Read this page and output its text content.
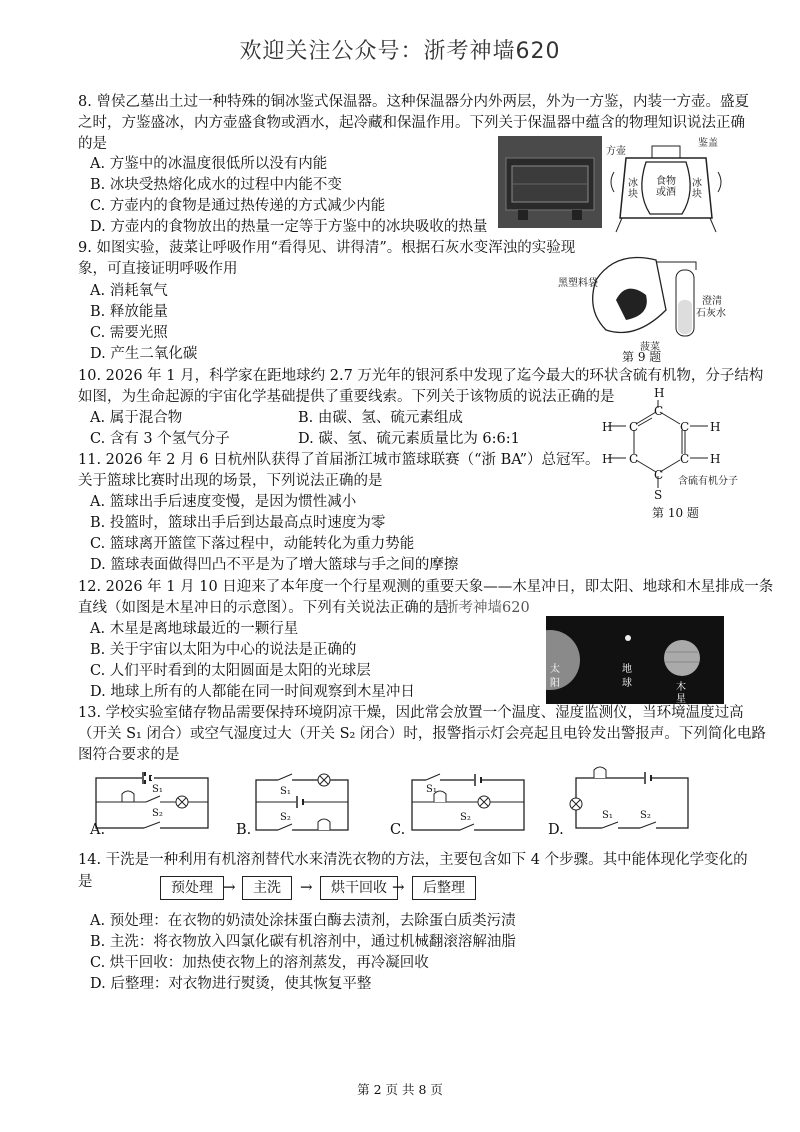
欢迎关注公众号：浙考神墙620
8. 曾侯乙墓出土过一种特殊的铜冰鉴式保温器。这种保温器分内外两层，外为一方鉴，内装一方壶。盛夏
之时，方鉴盛冰，内方壶盛食物或酒水，起冷藏和保温作用。下列关于保温器中蕴含的物理知识说法正确
的是
A. 方鉴中的冰温度很低所以没有内能
B. 冰块受热熔化成水的过程中内能不变
C. 方壶内的食物是通过热传递的方式减少内能
D. 方壶内的食物放出的热量一定等于方鉴中的冰块吸收的热量
方壶
鉴盖
冰块
食物或酒
冰块
9. 如图实验，菠菜让呼吸作用“看得见、讲得清”。根据石灰水变浑浊的实验现
象，可直接证明呼吸作用
A. 消耗氧气
B. 释放能量
C. 需要光照
D. 产生二氧化碳
黑塑料袋
澄清
石灰水
菠菜
第 9 题
10. 2026 年 1 月，科学家在距地球约 2.7 万光年的银河系中发现了迄今最大的环状含硫有机物，分子结构
如图，为生命起源的宇宙化学基础提供了重要线索。下列关于该物质的说法正确的是
A. 属于混合物	B. 由碳、氢、硫元素组成
C. 含有 3 个氢气分子	D. 碳、氢、硫元素质量比为 6:6:1
H
C
H C	C H
H C	C H
C
S
含硫有机分子
第 10 题
11. 2026 年 2 月 6 日杭州队获得了首届浙江城市篮球联赛（“浙 BA”）总冠军。
关于篮球比赛时出现的场景，下列说法正确的是
A. 篮球出手后速度变慢，是因为惯性减小
B. 投篮时，篮球出手后到达最高点时速度为零
C. 篮球离开篮筐下落过程中，动能转化为重力势能
D. 篮球表面做得凹凸不平是为了增大篮球与手之间的摩擦
12. 2026 年 1 月 10 日迎来了本年度一个行星观测的重要天象——木星冲日，即太阳、地球和木星排成一条
直线（如图是木星冲日的示意图）。下列有关说法正确的是
浙考神墙620
A. 木星是离地球最近的一颗行星
B. 关于宇宙以太阳为中心的说法是正确的
C. 人们平时看到的太阳圆面是太阳的光球层
D. 地球上所有的人都能在同一时间观察到木星冲日
太
阳
地
球	木
星
13. 学校实验室储存物品需要保持环境阴凉干燥，因此常会放置一个温度、湿度监测仪，当环境温度过高
（开关 S₁ 闭合）或空气湿度过大（开关 S₂ 闭合）时，报警指示灯会亮起且电铃发出警报声。下列简化电路
图符合要求的是
S₁
S₂
A.
S₁
S₂
B.
S₁
S₂
C.
S₁	S₂
D.
14. 干洗是一种利用有机溶剂替代水来清洗衣物的方法，主要包含如下 4 个步骤。其中能体现化学变化的
是	预处理 →	主洗	→	烘干回收 →	后整理
A. 预处理：在衣物的奶渍处涂抹蛋白酶去渍剂，去除蛋白质类污渍
B. 主洗：将衣物放入四氯化碳有机溶剂中，通过机械翻滚溶解油脂
C. 烘干回收：加热使衣物上的溶剂蒸发，再冷凝回收
D. 后整理：对衣物进行熨烫，使其恢复平整
第 2 页 共 8 页
